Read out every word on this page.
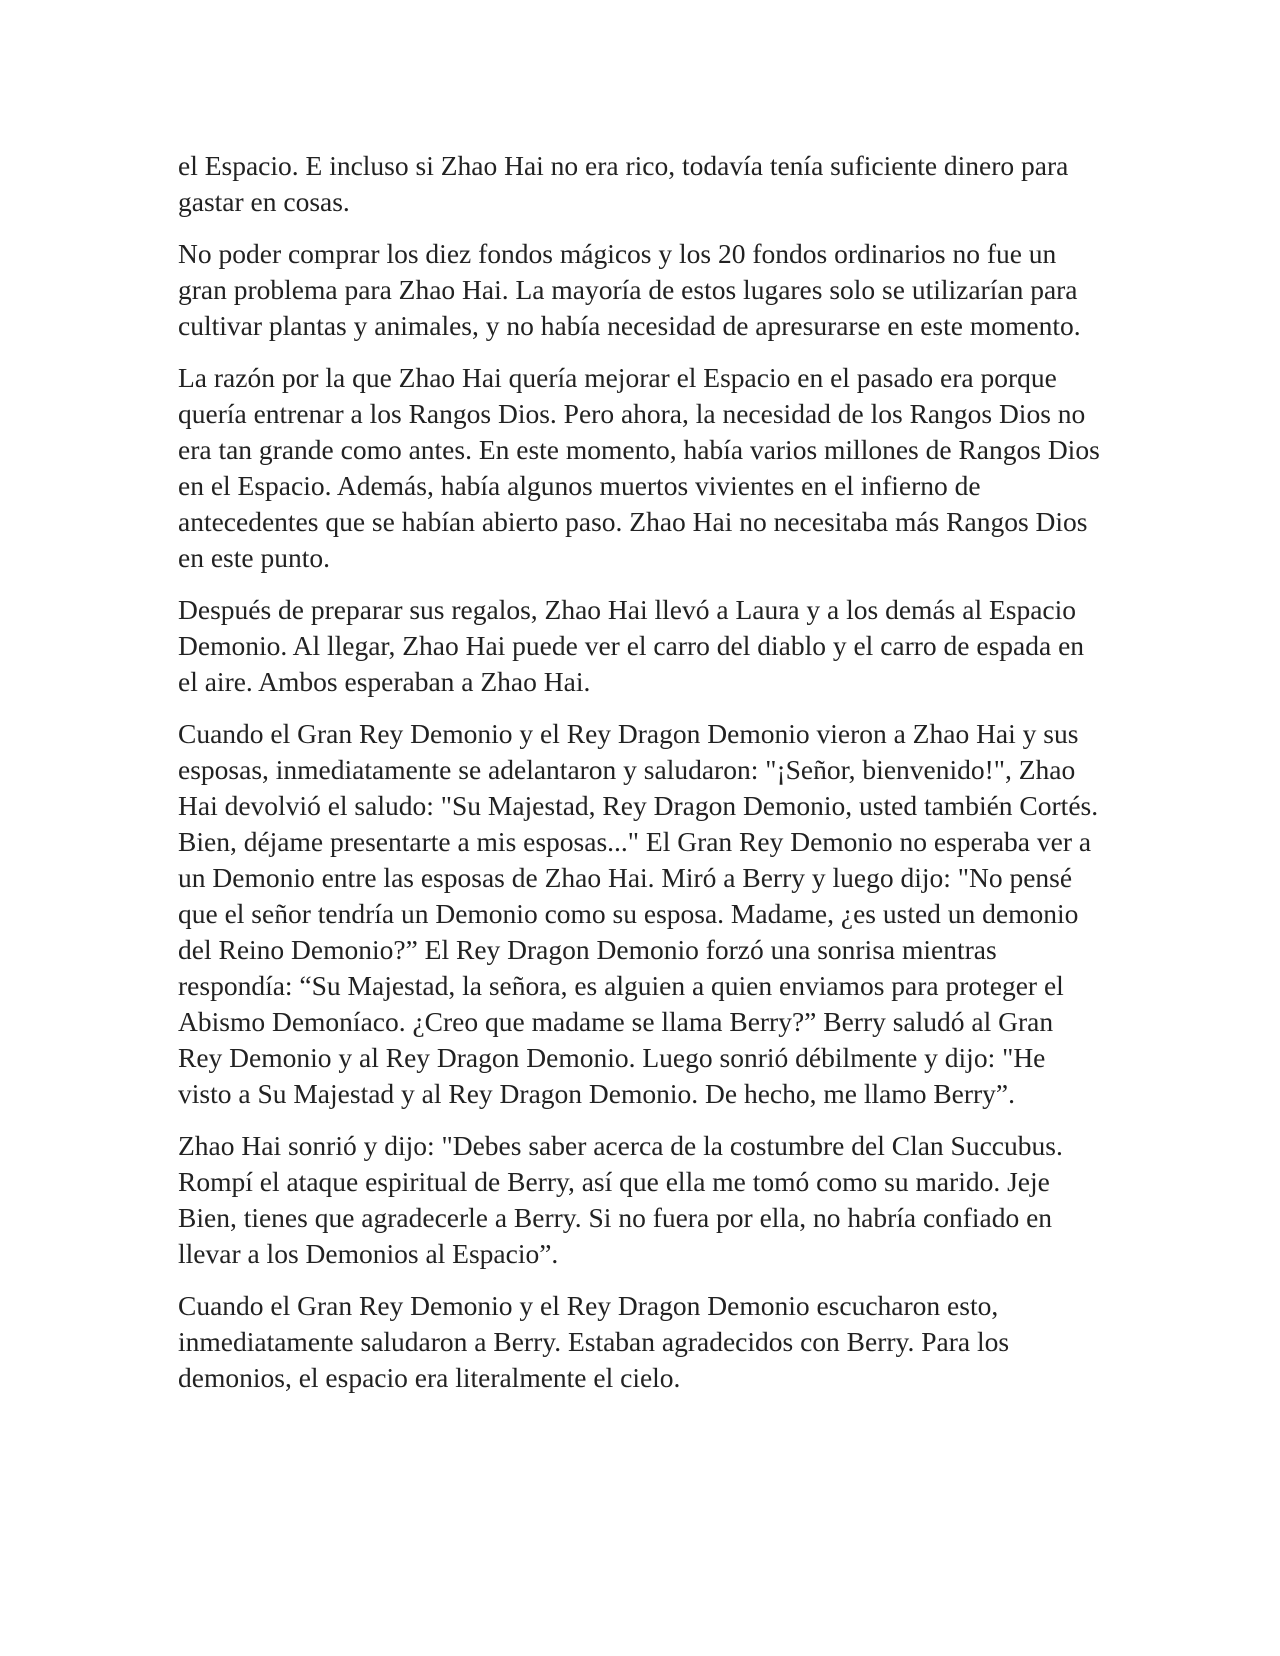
el Espacio. E incluso si Zhao Hai no era rico, todavía tenía suficiente dinero para gastar en cosas.

No poder comprar los diez fondos mágicos y los 20 fondos ordinarios no fue un gran problema para Zhao Hai. La mayoría de estos lugares solo se utilizarían para cultivar plantas y animales, y no había necesidad de apresurarse en este momento.

La razón por la que Zhao Hai quería mejorar el Espacio en el pasado era porque quería entrenar a los Rangos Dios. Pero ahora, la necesidad de los Rangos Dios no era tan grande como antes. En este momento, había varios millones de Rangos Dios en el Espacio. Además, había algunos muertos vivientes en el infierno de antecedentes que se habían abierto paso. Zhao Hai no necesitaba más Rangos Dios en este punto.

Después de preparar sus regalos, Zhao Hai llevó a Laura y a los demás al Espacio Demonio. Al llegar, Zhao Hai puede ver el carro del diablo y el carro de espada en el aire. Ambos esperaban a Zhao Hai.

Cuando el Gran Rey Demonio y el Rey Dragon Demonio vieron a Zhao Hai y sus esposas, inmediatamente se adelantaron y saludaron: "¡Señor, bienvenido!", Zhao Hai devolvió el saludo: "Su Majestad, Rey Dragon Demonio, usted también Cortés. Bien, déjame presentarte a mis esposas..." El Gran Rey Demonio no esperaba ver a un Demonio entre las esposas de Zhao Hai. Miró a Berry y luego dijo: "No pensé que el señor tendría un Demonio como su esposa. Madame, ¿es usted un demonio del Reino Demonio?” El Rey Dragon Demonio forzó una sonrisa mientras respondía: “Su Majestad, la señora, es alguien a quien enviamos para proteger el Abismo Demoníaco. ¿Creo que madame se llama Berry?” Berry saludó al Gran Rey Demonio y al Rey Dragon Demonio. Luego sonrió débilmente y dijo: "He visto a Su Majestad y al Rey Dragon Demonio. De hecho, me llamo Berry”.

Zhao Hai sonrió y dijo: "Debes saber acerca de la costumbre del Clan Succubus. Rompí el ataque espiritual de Berry, así que ella me tomó como su marido. Jeje Bien, tienes que agradecerle a Berry. Si no fuera por ella, no habría confiado en llevar a los Demonios al Espacio”.

Cuando el Gran Rey Demonio y el Rey Dragon Demonio escucharon esto, inmediatamente saludaron a Berry. Estaban agradecidos con Berry. Para los demonios, el espacio era literalmente el cielo.
